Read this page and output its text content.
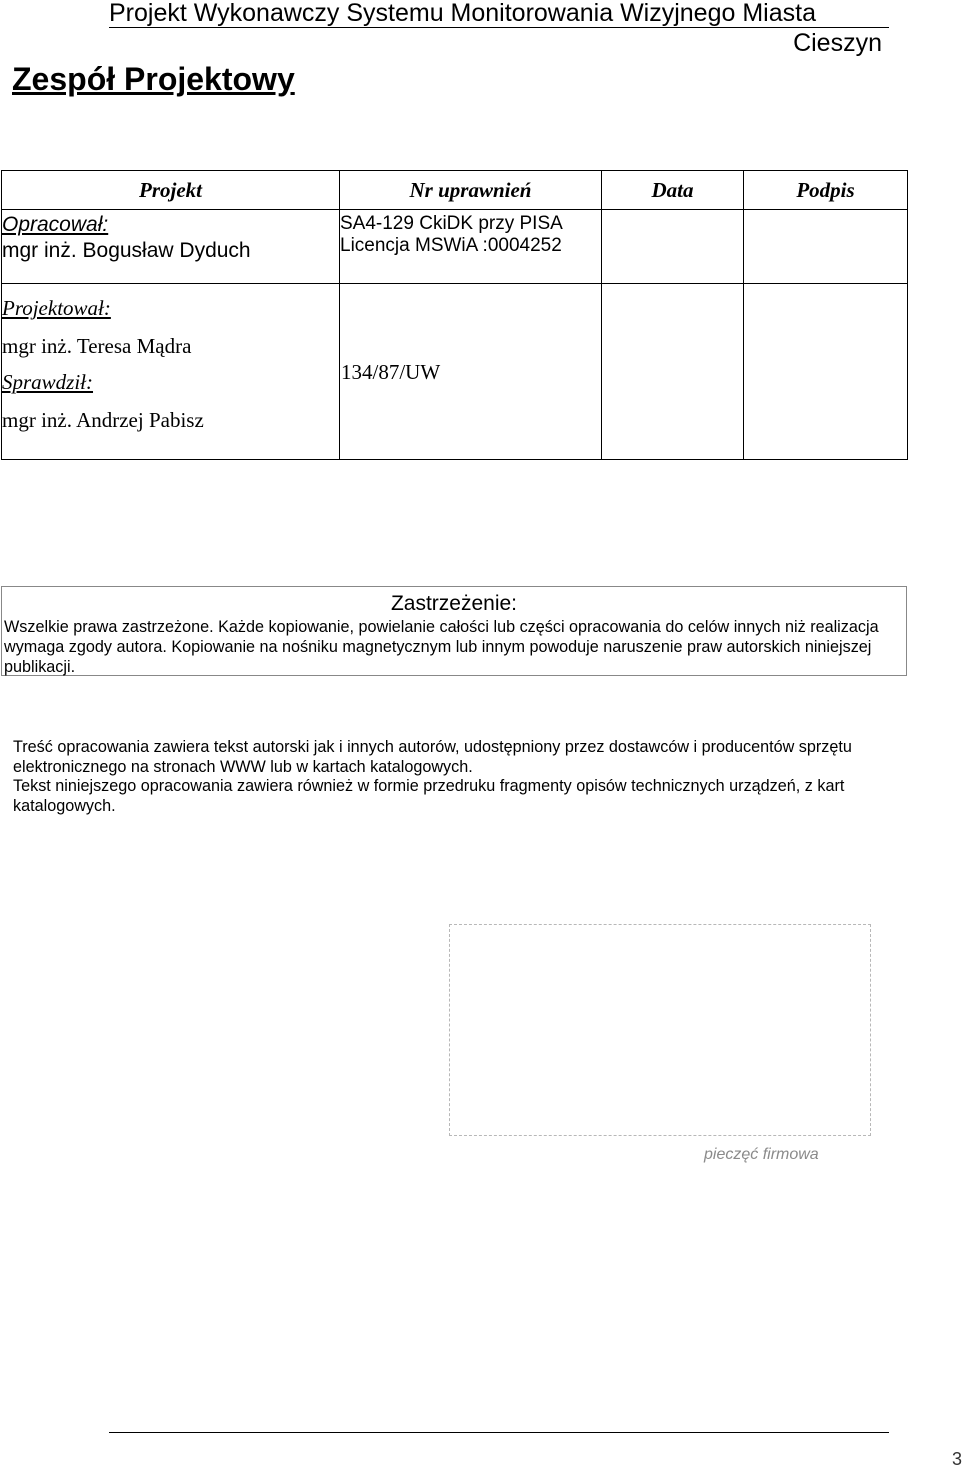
Projekt Wykonawczy Systemu Monitorowania Wizyjnego Miasta
Cieszyn
Zespół Projektowy
Projekt	Nr uprawnień	Data	Podpis

Opracował:
mgr inż. Bogusław Dyduch	SA4-129 CkiDK przy PISA
Licencja MSWiA :0004252		

Projektował:
mgr inż. Teresa Mądra
Sprawdził:
mgr inż. Andrzej Pabisz	134/87/UW		

Zastrzeżenie:
Wszelkie prawa zastrzeżone. Każde kopiowanie, powielanie całości lub części opracowania do celów innych niż realizacja wymaga zgody autora. Kopiowanie na nośniku magnetycznym lub innym powoduje naruszenie praw autorskich niniejszej publikacji.

Treść opracowania zawiera tekst autorski jak i innych autorów, udostępniony przez dostawców i producentów sprzętu elektronicznego na stronach WWW lub w kartach katalogowych.

Tekst niniejszego opracowania zawiera również w formie przedruku fragmenty opisów technicznych urządzeń, z kart katalogowych.

pieczęć firmowa
3
